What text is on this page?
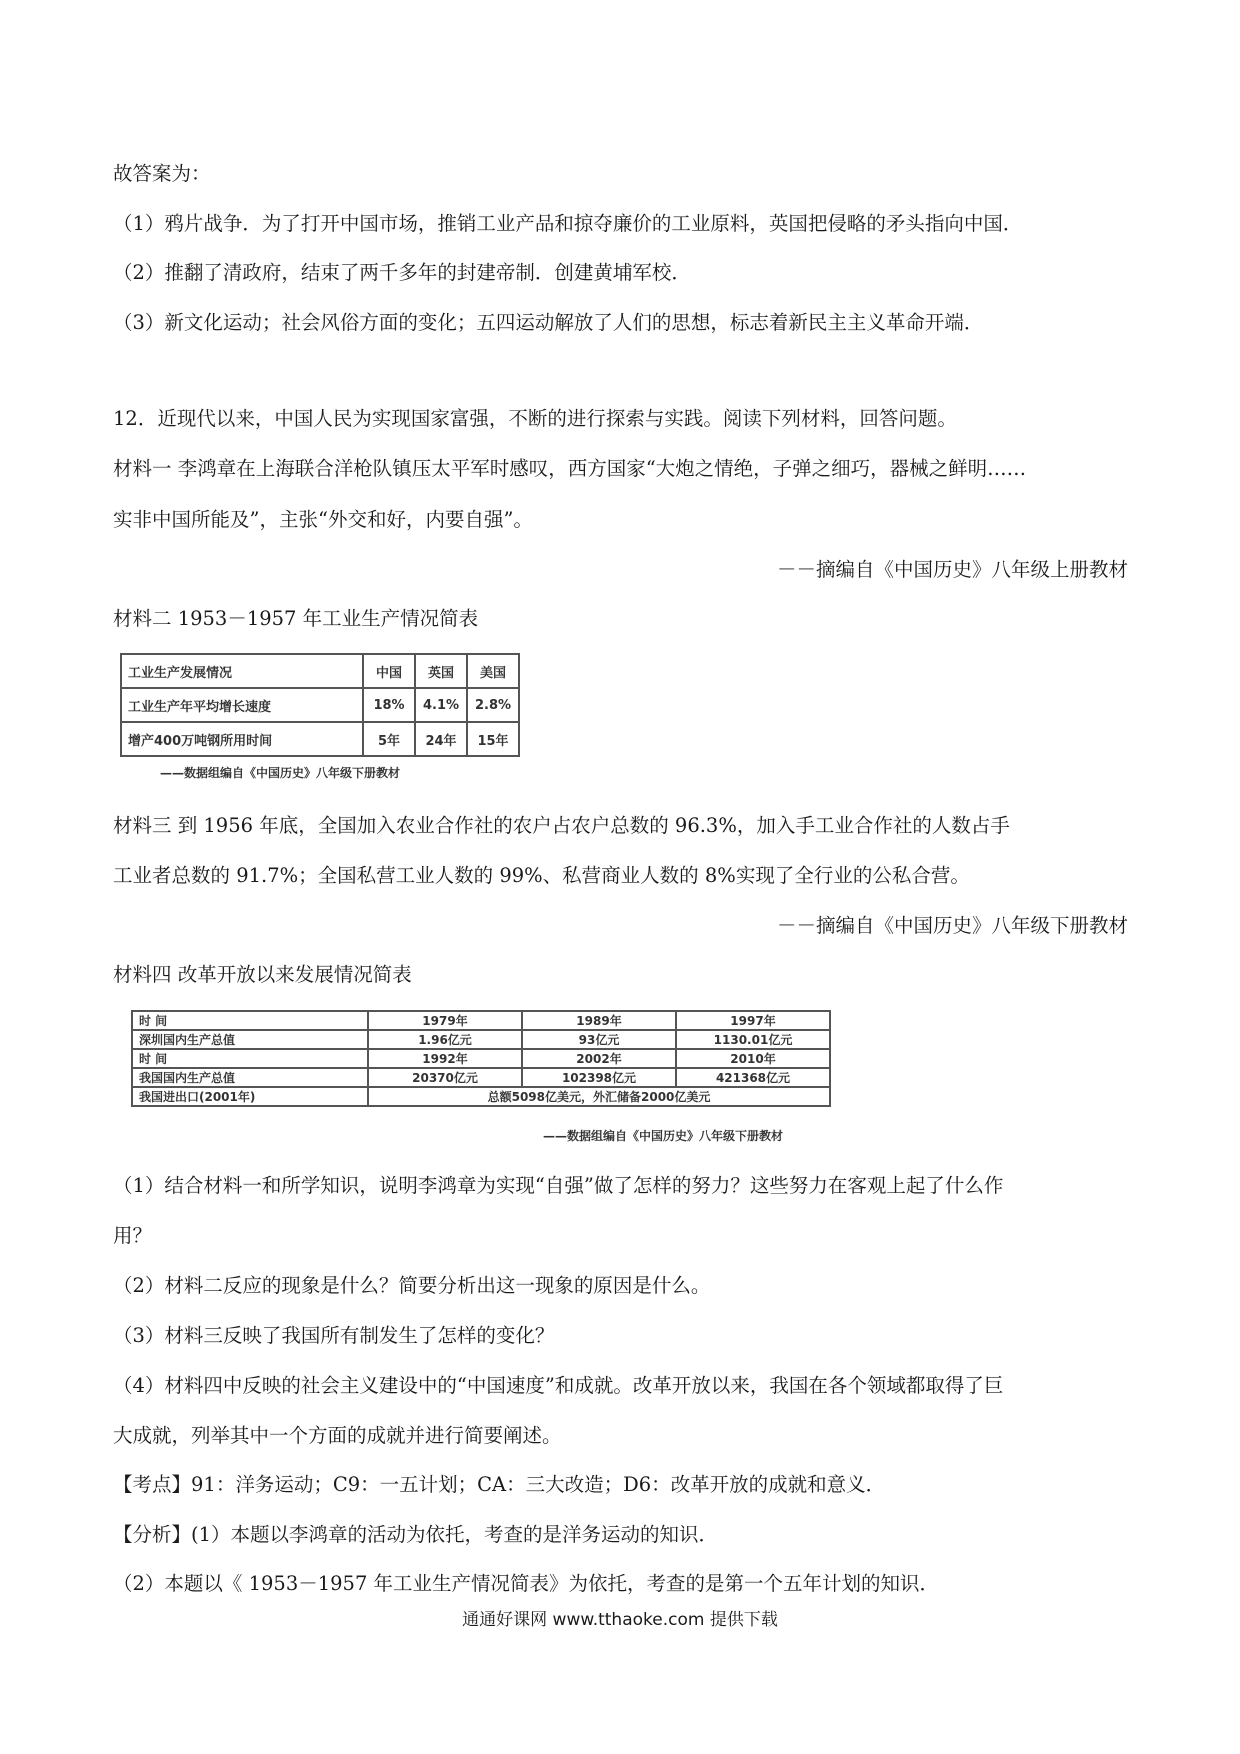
故答案为：
（1）鸦片战争．为了打开中国市场，推销工业产品和掠夺廉价的工业原料，英国把侵略的矛头指向中国．
（2）推翻了清政府，结束了两千多年的封建帝制．创建黄埔军校．
（3）新文化运动；社会风俗方面的变化；五四运动解放了人们的思想，标志着新民主主义革命开端．
12．近现代以来，中国人民为实现国家富强，不断的进行探索与实践。阅读下列材料，回答问题。
材料一 李鸿章在上海联合洋枪队镇压太平军时感叹，西方国家“大炮之情绝，子弹之细巧，器械之鲜明……
实非中国所能及”，主张“外交和好，内要自强”。
－－摘编自《中国历史》八年级上册教材
材料二 1953－1957 年工业生产情况简表
工业生产发展情况	中国	英国	美国
工业生产年平均增长速度	18%	4.1%	2.8%
增产400万吨钢所用时间	5年	24年	15年
——数据组编自《中国历史》八年级下册教材
材料三 到 1956 年底，全国加入农业合作社的农户占农户总数的 96.3%，加入手工业合作社的人数占手
工业者总数的 91.7%；全国私营工业人数的 99%、私营商业人数的 8%实现了全行业的公私合营。
－－摘编自《中国历史》八年级下册教材
材料四 改革开放以来发展情况简表
时 间	1979年	1989年	1997年
深圳国内生产总值	1.96亿元	93亿元	1130.01亿元
时 间	1992年	2002年	2010年
我国国内生产总值	20370亿元	102398亿元	421368亿元
我国进出口(2001年)	总额5098亿美元，外汇储备2000亿美元		
——数据组编自《中国历史》八年级下册教材
（1）结合材料一和所学知识，说明李鸿章为实现“自强”做了怎样的努力？这些努力在客观上起了什么作
用？
（2）材料二反应的现象是什么？简要分析出这一现象的原因是什么。
（3）材料三反映了我国所有制发生了怎样的变化？
（4）材料四中反映的社会主义建设中的“中国速度”和成就。改革开放以来，我国在各个领域都取得了巨
大成就，列举其中一个方面的成就并进行简要阐述。
【考点】91：洋务运动；C9：一五计划；CA：三大改造；D6：改革开放的成就和意义．
【分析】(1）本题以李鸿章的活动为依托，考查的是洋务运动的知识．
（2）本题以《 1953－1957 年工业生产情况简表》为依托，考查的是第一个五年计划的知识．
通通好课网 www.tthaoke.com 提供下载
